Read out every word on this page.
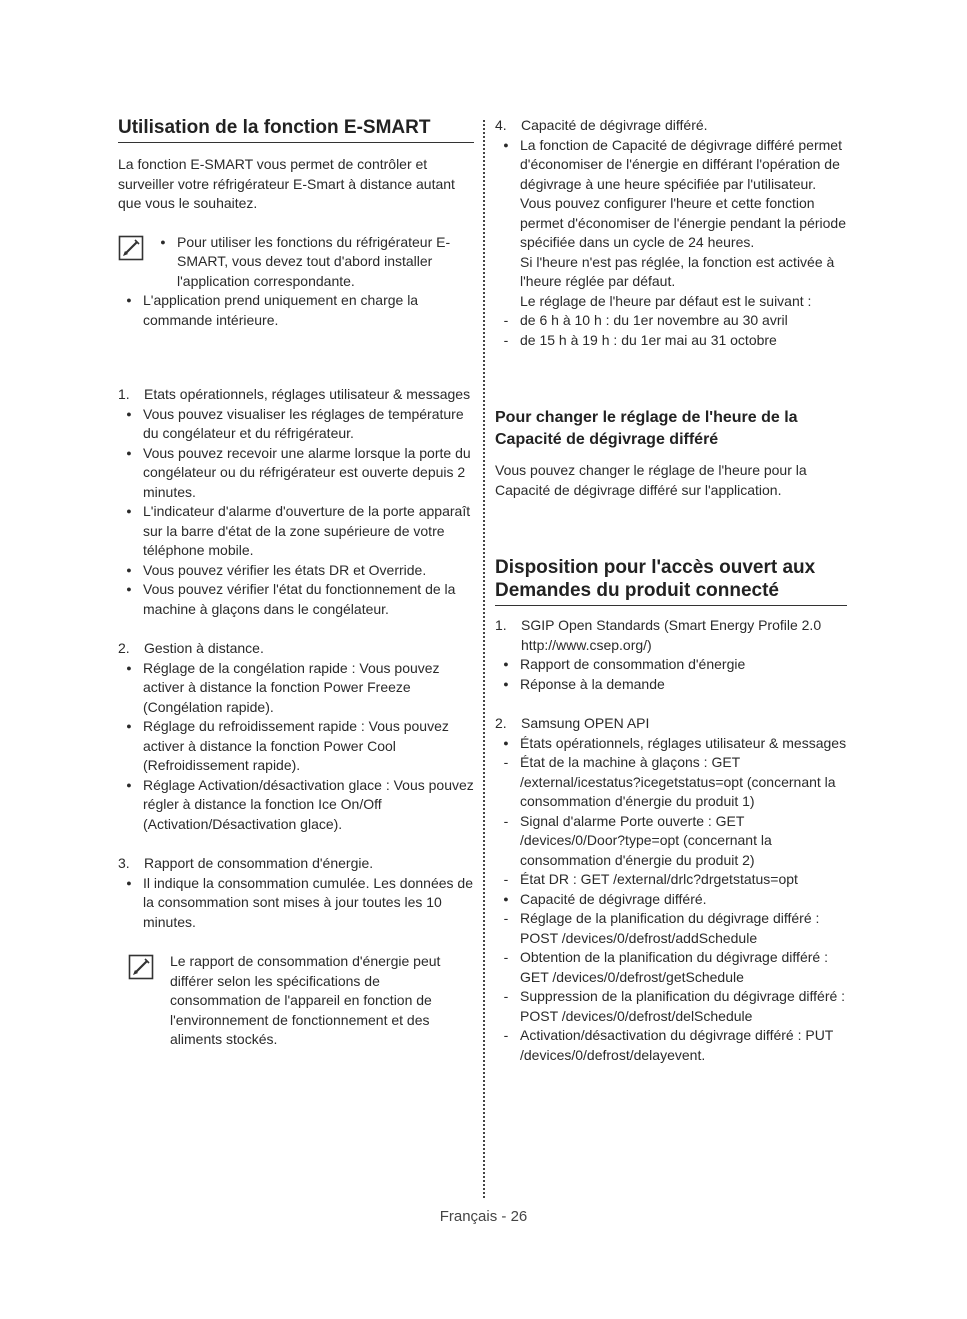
Utilisation de la fonction E-SMART

La fonction E-SMART vous permet de contrôler et surveiller votre réfrigérateur E-Smart à distance autant que vous le souhaitez.

● Pour utiliser les fonctions du réfrigérateur E-SMART, vous devez tout d'abord installer l'application correspondante.
● L'application prend uniquement en charge la commande intérieure.
1.	Etats opérationnels, réglages utilisateur & messages
● Vous pouvez visualiser les réglages de température du congélateur et du réfrigérateur.
● Vous pouvez recevoir une alarme lorsque la porte du congélateur ou du réfrigérateur est ouverte depuis 2 minutes.
● L'indicateur d'alarme d'ouverture de la porte apparaît sur la barre d'état de la zone supérieure de votre téléphone mobile.
● Vous pouvez vérifier les états DR et Override.
● Vous pouvez vérifier l'état du fonctionnement de la machine à glaçons dans le congélateur.
2.	Gestion à distance.
● Réglage de la congélation rapide : Vous pouvez activer à distance la fonction Power Freeze (Congélation rapide).
● Réglage du refroidissement rapide : Vous pouvez activer à distance la fonction Power Cool (Refroidissement rapide).
● Réglage Activation/désactivation glace : Vous pouvez régler à distance la fonction Ice On/Off (Activation/Désactivation glace).
3.	Rapport de consommation d'énergie.
● Il indique la consommation cumulée. Les données de la consommation sont mises à jour toutes les 10 minutes.
Le rapport de consommation d'énergie peut différer selon les spécifications de consommation de l'appareil en fonction de l'environnement de fonctionnement et des aliments stockés.
4.	Capacité de dégivrage différé.
● La fonction de Capacité de dégivrage différé permet d'économiser de l'énergie en différant l'opération de dégivrage à une heure spécifiée par l'utilisateur.

Vous pouvez configurer l'heure et cette fonction permet d'économiser de l'énergie pendant la période spécifiée dans un cycle de 24 heures.

Si l'heure n'est pas réglée, la fonction est activée à l'heure réglée par défaut.

Le réglage de l'heure par défaut est le suivant :

- de 6 h à 10 h : du 1er novembre au 30 avril
- de 15 h à 19 h : du 1er mai au 31 octobre
Pour changer le réglage de l'heure de la Capacité de dégivrage différé

Vous pouvez changer le réglage de l'heure pour la Capacité de dégivrage différé sur l'application.

Disposition pour l'accès ouvert aux Demandes du produit connecté
1.	SGIP Open Standards (Smart Energy Profile 2.0 http://www.csep.org/)
● Rapport de consommation d'énergie
● Réponse à la demande
2.	Samsung OPEN API
● États opérationnels, réglages utilisateur & messages
- État de la machine à glaçons : GET /external/icestatus?icegetstatus=opt (concernant la consommation d'énergie du produit 1)
- Signal d'alarme Porte ouverte : GET /devices/0/Door?type=opt (concernant la consommation d'énergie du produit 2)
- État DR : GET /external/drlc?drgetstatus=opt
● Capacité de dégivrage différé.
- Réglage de la planification du dégivrage différé : POST /devices/0/defrost/addSchedule
- Obtention de la planification du dégivrage différé : GET /devices/0/defrost/getSchedule
- Suppression de la planification du dégivrage différé : POST /devices/0/defrost/delSchedule
- Activation/désactivation du dégivrage différé : PUT /devices/0/defrost/delayevent.
Français - 26
